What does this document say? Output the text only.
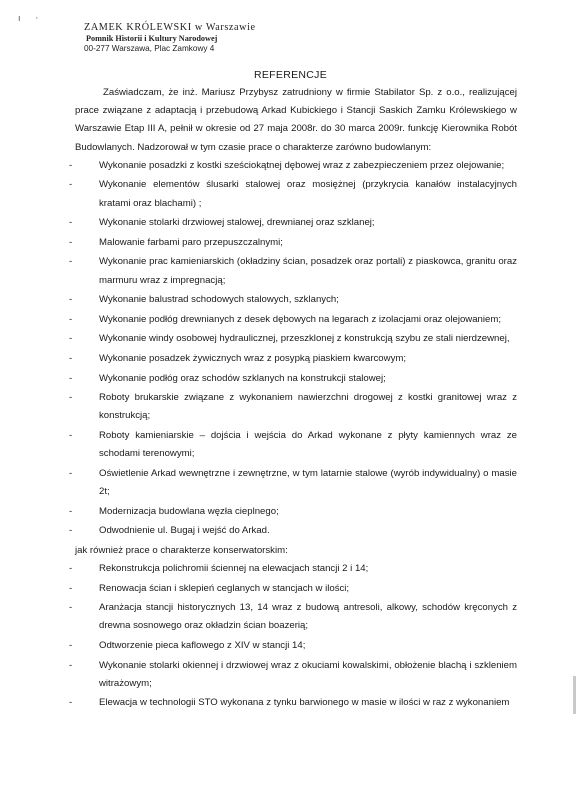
ı ·
ZAMEK KRÓLEWSKI w Warszawie
Pomnik Historii i Kultury Narodowej
00-277 Warszawa, Plac Zamkowy 4
REFERENCJE

Zaświadczam, że inż. Mariusz Przybysz zatrudniony w firmie Stabilator Sp. z o.o., realizującej prace związane z adaptacją i przebudową Arkad Kubickiego i Stancji Saskich Zamku Królewskiego w Warszawie Etap III A, pełnił w okresie od 27 maja 2008r. do 30 marca 2009r. funkcję Kierownika Robót Budowlanych. Nadzorował w tym czasie prace o charakterze zarówno budowlanym:

-	Wykonanie posadzki z kostki sześciokątnej dębowej wraz z zabezpieczeniem przez olejowanie;
-	Wykonanie elementów ślusarki stalowej oraz mosiężnej (przykrycia kanałów instalacyjnych kratami oraz blachami) ;
-	Wykonanie stolarki drzwiowej stalowej, drewnianej oraz szklanej;
-	Malowanie farbami paro przepuszczalnymi;
-	Wykonanie prac kamieniarskich (okładziny ścian, posadzek oraz portali) z piaskowca, granitu oraz marmuru wraz z impregnacją;
-	Wykonanie balustrad schodowych stalowych, szklanych;
-	Wykonanie podłóg drewnianych z desek dębowych na legarach z izolacjami oraz olejowaniem;
-	Wykonanie windy osobowej hydraulicznej, przeszklonej z konstrukcją szybu ze stali nierdzewnej,
-	Wykonanie posadzek żywicznych wraz z posypką piaskiem kwarcowym;
-	Wykonanie podłóg oraz schodów szklanych na konstrukcji stalowej;
-	Roboty brukarskie związane z wykonaniem nawierzchni drogowej z kostki granitowej wraz z konstrukcją;
-	Roboty kamieniarskie – dojścia i wejścia do Arkad wykonane z płyty kamiennych wraz ze schodami terenowymi;
-	Oświetlenie Arkad wewnętrzne i zewnętrzne, w tym latarnie stalowe (wyrób indywidualny) o masie 2t;
-	Modernizacja budowlana węzła cieplnego;
-	Odwodnienie ul. Bugaj i wejść do Arkad.

jak również prace o charakterze konserwatorskim:

-	Rekonstrukcja polichromii ściennej na elewacjach stancji 2 i 14;
-	Renowacja ścian i sklepień ceglanych w stancjach w ilości;
-	Aranżacja stancji historycznych 13, 14 wraz z budową antresoli, alkowy, schodów kręconych z drewna sosnowego oraz okładzin ścian boazerią;
-	Odtworzenie pieca kaflowego z XIV w stancji 14;
-	Wykonanie stolarki okiennej i drzwiowej wraz z okuciami kowalskimi, obłożenie blachą i szkleniem witrażowym;
-	Elewacja w technologii STO wykonana z tynku barwionego w masie w ilości w raz z wykonaniem
